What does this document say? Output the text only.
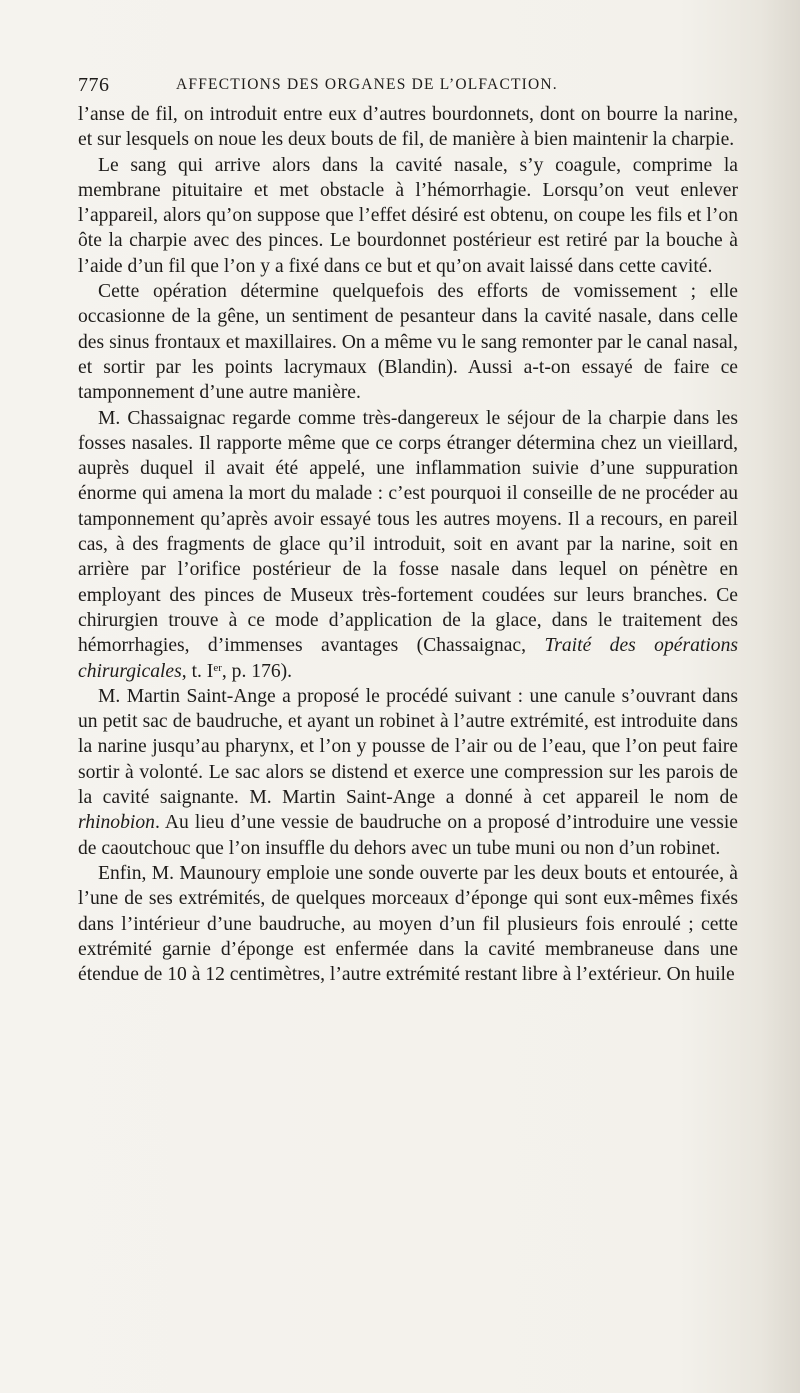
776	AFFECTIONS DES ORGANES DE L’OLFACTION.

l’anse de fil, on introduit entre eux d’autres bourdonnets, dont on bourre la narine, et sur lesquels on noue les deux bouts de fil, de manière à bien maintenir la charpie.

Le sang qui arrive alors dans la cavité nasale, s’y coagule, comprime la membrane pituitaire et met obstacle à l’hémorrhagie. Lorsqu’on veut enlever l’appareil, alors qu’on suppose que l’effet désiré est obtenu, on coupe les fils et l’on ôte la charpie avec des pinces. Le bourdonnet postérieur est retiré par la bouche à l’aide d’un fil que l’on y a fixé dans ce but et qu’on avait laissé dans cette cavité.

Cette opération détermine quelquefois des efforts de vomissement ; elle occasionne de la gêne, un sentiment de pesanteur dans la cavité nasale, dans celle des sinus frontaux et maxillaires. On a même vu le sang remonter par le canal nasal, et sortir par les points lacrymaux (Blandin). Aussi a-t-on essayé de faire ce tamponnement d’une autre manière.

M. Chassaignac regarde comme très-dangereux le séjour de la charpie dans les fosses nasales. Il rapporte même que ce corps étranger détermina chez un vieillard, auprès duquel il avait été appelé, une inflammation suivie d’une suppuration énorme qui amena la mort du malade : c’est pourquoi il conseille de ne procéder au tamponnement qu’après avoir essayé tous les autres moyens. Il a recours, en pareil cas, à des fragments de glace qu’il introduit, soit en avant par la narine, soit en arrière par l’orifice postérieur de la fosse nasale dans lequel on pénètre en employant des pinces de Museux très-fortement coudées sur leurs branches. Ce chirurgien trouve à ce mode d’application de la glace, dans le traitement des hémorrhagies, d’immenses avantages (Chassaignac, Traité des opérations chirurgicales, t. Ier, p. 176).

M. Martin Saint-Ange a proposé le procédé suivant : une canule s’ouvrant dans un petit sac de baudruche, et ayant un robinet à l’autre extrémité, est introduite dans la narine jusqu’au pharynx, et l’on y pousse de l’air ou de l’eau, que l’on peut faire sortir à volonté. Le sac alors se distend et exerce une compression sur les parois de la cavité saignante. M. Martin Saint-Ange a donné à cet appareil le nom de rhinobion. Au lieu d’une vessie de baudruche on a proposé d’introduire une vessie de caoutchouc que l’on insuffle du dehors avec un tube muni ou non d’un robinet.

Enfin, M. Maunoury emploie une sonde ouverte par les deux bouts et entourée, à l’une de ses extrémités, de quelques morceaux d’éponge qui sont eux-mêmes fixés dans l’intérieur d’une baudruche, au moyen d’un fil plusieurs fois enroulé ; cette extrémité garnie d’éponge est enfermée dans la cavité membraneuse dans une étendue de 10 à 12 centimètres, l’autre extrémité restant libre à l’extérieur. On huile
